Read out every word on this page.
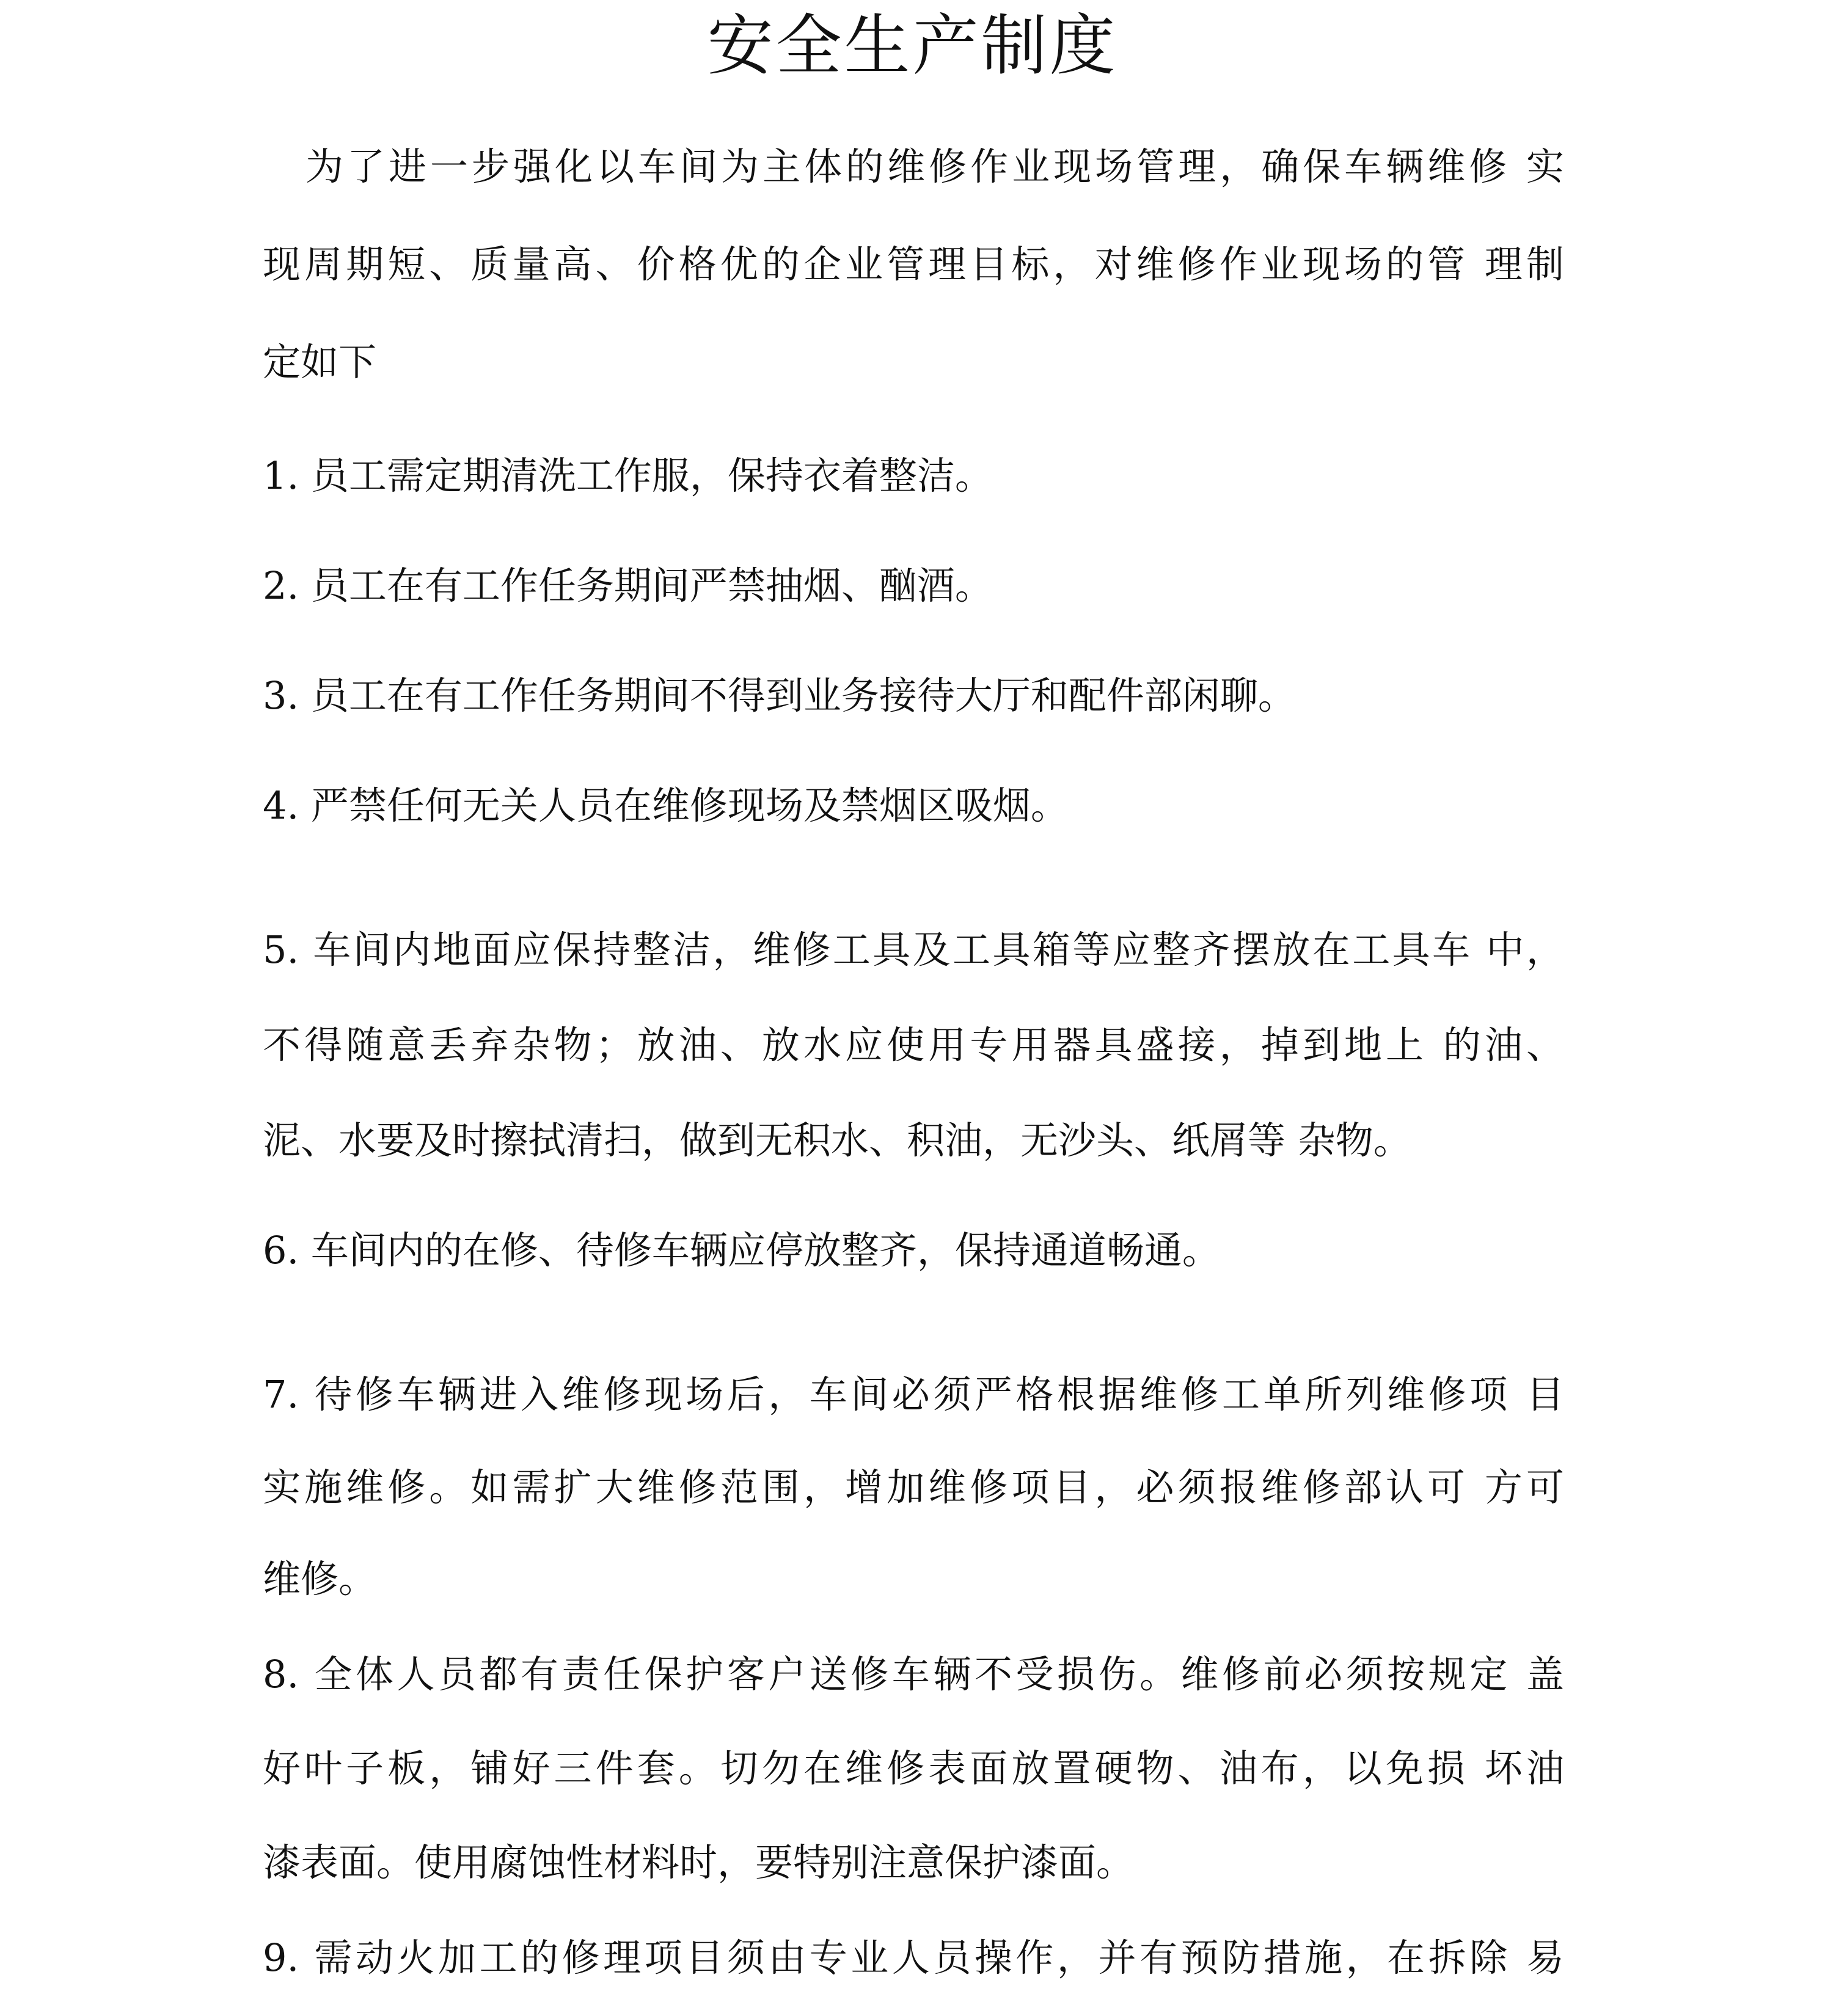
安全生产制度
为了进一步强化以车间为主体的维修作业现场管理，确保车辆维修 实
现周期短、质量高、价格优的企业管理目标，对维修作业现场的管 理制
定如下
1. 员工需定期清洗工作服，保持衣着整洁。
2. 员工在有工作任务期间严禁抽烟、酗酒。
3. 员工在有工作任务期间不得到业务接待大厅和配件部闲聊。
4. 严禁任何无关人员在维修现场及禁烟区吸烟。
5. 车间内地面应保持整洁，维修工具及工具箱等应整齐摆放在工具车 中，
不得随意丢弃杂物；放油、放水应使用专用器具盛接，掉到地上 的油、
泥、水要及时擦拭清扫，做到无积水、积油，无沙头、纸屑等 杂物。
6. 车间内的在修、待修车辆应停放整齐，保持通道畅通。
7. 待修车辆进入维修现场后，车间必须严格根据维修工单所列维修项 目
实施维修。如需扩大维修范围，增加维修项目，必须报维修部认可 方可
维修。
8. 全体人员都有责任保护客户送修车辆不受损伤。维修前必须按规定 盖
好叶子板，铺好三件套。切勿在维修表面放置硬物、油布，以免损 坏油
漆表面。使用腐蚀性材料时，要特别注意保护漆面。
9. 需动火加工的修理项目须由专业人员操作，并有预防措施，在拆除 易
